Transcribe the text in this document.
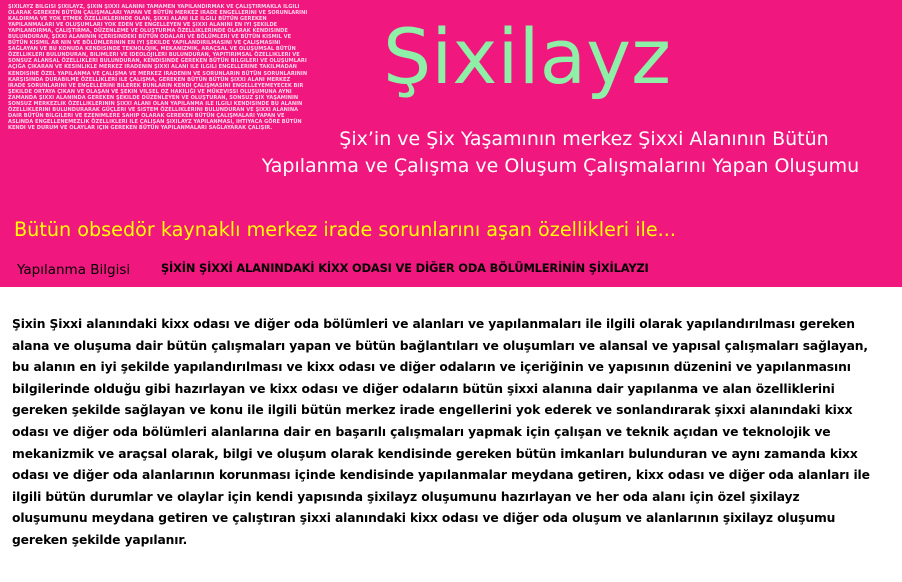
ŞIXILAYZ BILGISI ŞIXILAYZ, ŞIXIN ŞIXXI ALANINI TAMAMEN YAPILANDIRMAK VE ÇALIŞTIRMAKLA ILGILI OLARAK GEREKEN BÜTÜN ÇALIŞMALARI YAPAN VE BÜTÜN MERKEZ IRADE ENGELLERINI VE SORUNLARINI KALDIRMA VE YOK ETMEK ÖZELLIKLERINDE OLAN, ŞIXXI ALANI ILE ILGILI BÜTÜN GEREKEN YAPILANMALARI VE OLUŞUMLARI YOK EDEN VE ENGELLEYEN VE ŞIXXI ALANINI EN IYI ŞEKILDE YAPILANDIRMA, ÇALIŞTIRMA, DÜZENLEME VE OLUŞTURMA ÖZELLIKLERINDE OLARAK KENDISINDE BULUNDURAN, ŞIXXI ALANININ IÇERISINDEKI BÜTÜN ODALARI VE BÖLÜMLERI VE BÜTÜN KISMIL VE BÜTÜN KISMIL AR NIN VE BÖLÜMLERININ EN IYI ŞEKILDE YAPILANDIRILMASINI VE ÇALIŞMASINI SAĞLAYAN VE BU KONUDA KENDISINDE TEKNOLOJIK, MEKANIZMIK, ARAÇSAL VE OLUŞUMSAL BÜTÜN ÖZELLIKLERI BULUNDURAN, BILIMLERI VE IDEOLOJILERI BULUNDURAN, YAPITIRIMSAL ÖZELLIKLERI VE SONSUZ ALANSAL ÖZELLIKLERI BULUNDURAN, KENDISINDE GEREKEN BÜTÜN BILGILERI VE OLUŞUMLARI AÇIĞA ÇIKARAN VE KESINLIKLE MERKEZ IRADENIN ŞIXXI ALANI ILE ILGILI ENGELLERINE TAKILMADAN KENDISINE ÖZEL YAPILANMA VE ÇALIŞMA VE MERKEZ IRADENIN VE SORUNLARIN BÜTÜN SORUNLARININ KARŞISINDA DURABILME ÖZELLIKLERI ILE ÇALIŞMA, GEREKEN BÜTÜN BÜTÜN ŞIXXI ALANI MERKEZ IRADE SORUNLARINI VE ENGELLERINI BILEREK BUNLARIN KENDI ÇALIŞMASINI ENGELLEYEMEYECEK BIR ŞEKILDE ORTAYA ÇIKAN VE OLAŞAN VE ŞEKIN VILSEL OZ HAKILIĞI VE MÜKEVISSI OLUŞUMUNA AYNI ZAMANDA ŞIXXI ALANINDA GEREKEN ŞEKILDE DÜZENLEYEN VE OLUŞTURAN, SONSUZ ŞIX YAŞAMININ SONSUZ MERKEZLIK ÖZELLIKLERININ ŞIXXI ALANI OLAN YAPILANMA ILE ILGILI KENDISINDE BU ALANIN ÖZELLIKLERINI BULUNDURARAK GÜÇLERI VE SISTEM ÖZELLIKLERINI BULUNDURAN VE ŞIXXI ALANINA DAIR BÜTÜN BILGILERI VE EZENIMLERE SAHIP OLARAK GEREKEN BÜTÜN ÇALIŞMALARI YAPAN VE ASLINDA ENGELLENEMEZLIK ÖZELLIKLERI ILE ÇALIŞAN ŞIXILAYZ YAPILANMASI, IHTIYACA GÖRE BÜTÜN KENDI VE DURUM VE OLAYLAR IÇIN GEREKEN BÜTÜN YAPILANMALARI SAĞLAYARAK ÇALIŞIR.
Şixilayz
Şix’in ve Şix Yaşamının merkez Şixxi Alanının Bütün
Yapılanma ve Çalışma ve Oluşum Çalışmalarını Yapan Oluşumu
Bütün obsedör kaynaklı merkez irade sorunlarını aşan özellikleri ile...
Yapılanma Bilgisi	ŞİXİN ŞİXXİ ALANINDAKİ KİXX ODASI VE DİĞER ODA BÖLÜMLERİNİN ŞİXİLAYZI
Şixin Şixxi alanındaki kixx odası ve diğer oda bölümleri ve alanları ve yapılanmaları ile ilgili olarak yapılandırılması gereken
alana ve oluşuma dair bütün çalışmaları yapan ve bütün bağlantıları ve oluşumları ve alansal ve yapısal çalışmaları sağlayan,
bu alanın en iyi şekilde yapılandırılması ve kixx odası ve diğer odaların ve içeriğinin ve yapısının düzenini ve yapılanmasını
bilgilerinde olduğu gibi hazırlayan ve kixx odası ve diğer odaların bütün şixxi alanına dair yapılanma ve alan özelliklerini
gereken şekilde sağlayan ve konu ile ilgili bütün merkez irade engellerini yok ederek ve sonlandırarak şixxi alanındaki kixx
odası ve diğer oda bölümleri alanlarına dair en başarılı çalışmaları yapmak için çalışan ve teknik açıdan ve teknolojik ve
mekanizmik ve araçsal olarak, bilgi ve oluşum olarak kendisinde gereken bütün imkanları bulunduran ve aynı zamanda kixx
odası ve diğer oda alanlarının korunması içinde kendisinde yapılanmalar meydana getiren, kixx odası ve diğer oda alanları ile
ilgili bütün durumlar ve olaylar için kendi yapısında şixilayz oluşumunu hazırlayan ve her oda alanı için özel şixilayz
oluşumunu meydana getiren ve çalıştıran şixxi alanındaki kixx odası ve diğer oda oluşum ve alanlarının şixilayz oluşumu
gereken şekilde yapılanır.
